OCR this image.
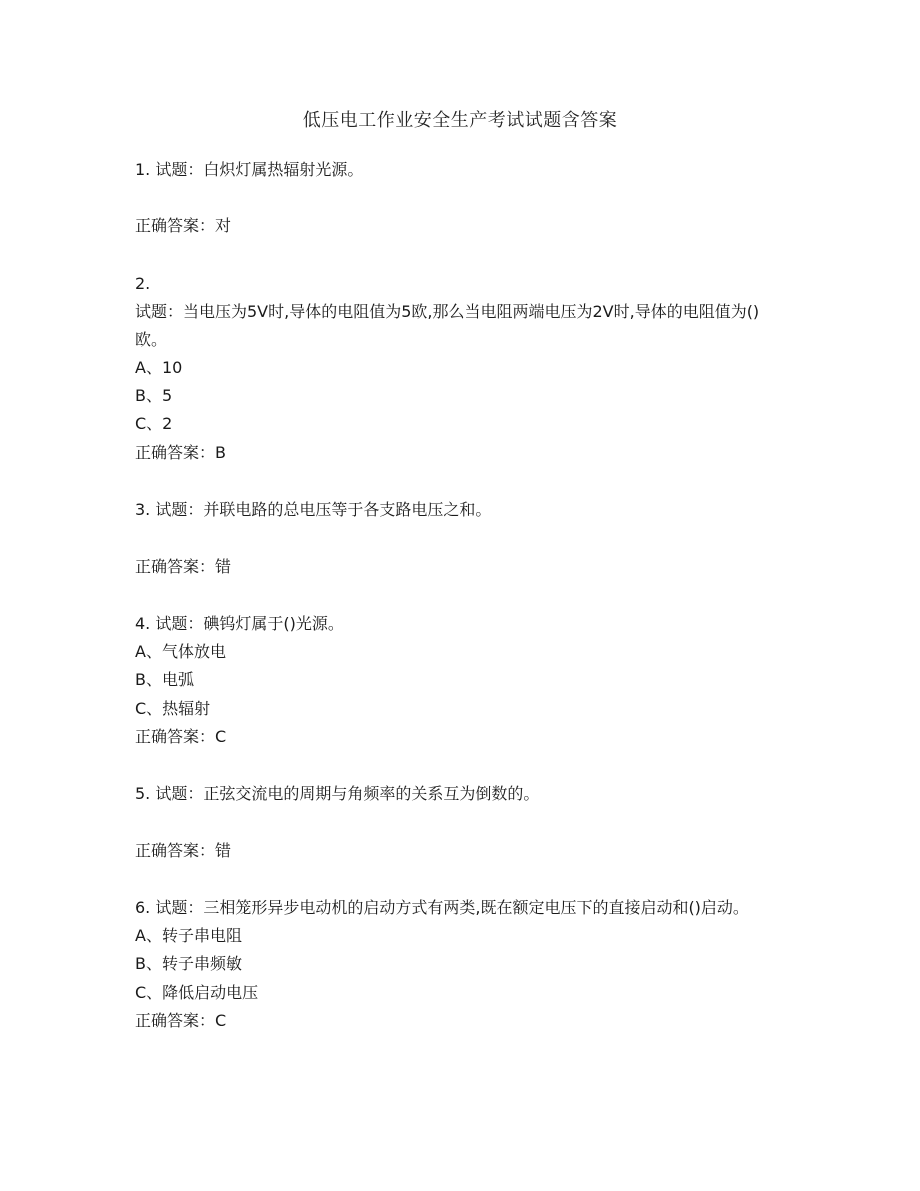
低压电工作业安全生产考试试题含答案
1. 试题：白炽灯属热辐射光源。
正确答案：对
2.
试题：当电压为5V时,导体的电阻值为5欧,那么当电阻两端电压为2V时,导体的电阻值为()
欧。
A、10
B、5
C、2
正确答案：B
3. 试题：并联电路的总电压等于各支路电压之和。
正确答案：错
4. 试题：碘钨灯属于()光源。
A、气体放电
B、电弧
C、热辐射
正确答案：C
5. 试题：正弦交流电的周期与角频率的关系互为倒数的。
正确答案：错
6. 试题：三相笼形异步电动机的启动方式有两类,既在额定电压下的直接启动和()启动。
A、转子串电阻
B、转子串频敏
C、降低启动电压
正确答案：C
